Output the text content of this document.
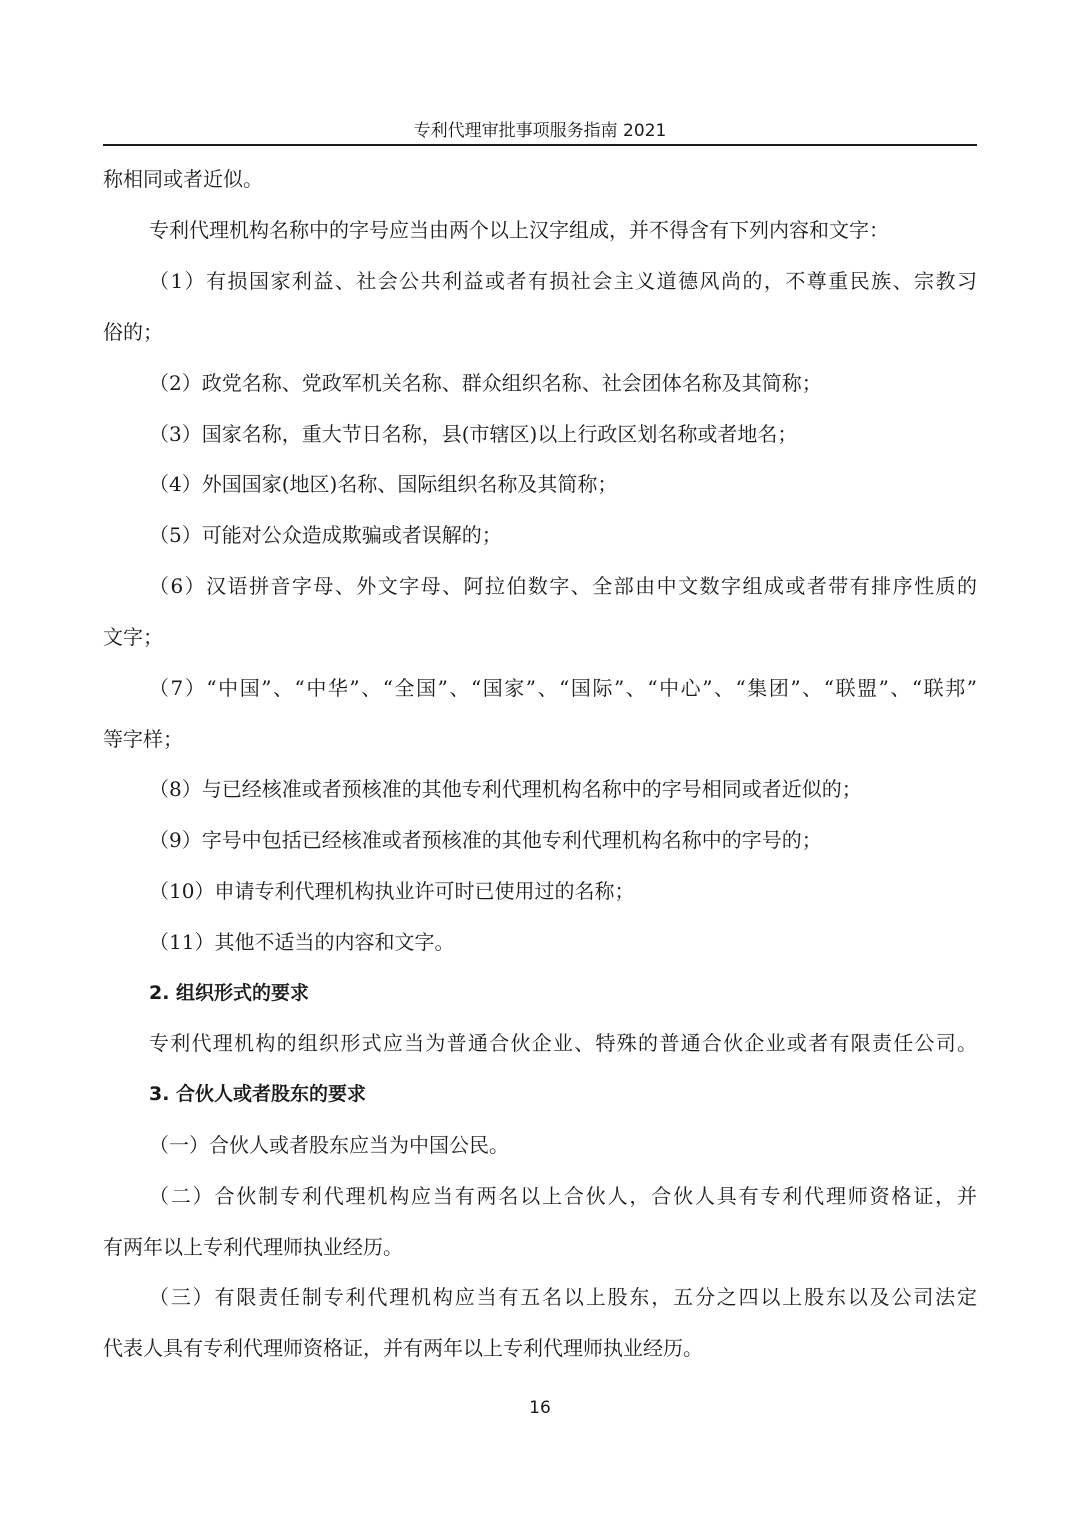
专利代理审批事项服务指南 2021
称相同或者近似。
专利代理机构名称中的字号应当由两个以上汉字组成，并不得含有下列内容和文字：
（1）有损国家利益、社会公共利益或者有损社会主义道德风尚的，不尊重民族、宗教习
俗的；
（2）政党名称、党政军机关名称、群众组织名称、社会团体名称及其简称；
（3）国家名称，重大节日名称，县(市辖区)以上行政区划名称或者地名；
（4）外国国家(地区)名称、国际组织名称及其简称；
（5）可能对公众造成欺骗或者误解的；
（6）汉语拼音字母、外文字母、阿拉伯数字、全部由中文数字组成或者带有排序性质的
文字；
（7）“中国”、“中华”、“全国”、“国家”、“国际”、“中心”、“集团”、“联盟”、“联邦”
等字样；
（8）与已经核准或者预核准的其他专利代理机构名称中的字号相同或者近似的；
（9）字号中包括已经核准或者预核准的其他专利代理机构名称中的字号的；
（10）申请专利代理机构执业许可时已使用过的名称；
（11）其他不适当的内容和文字。
2. 组织形式的要求
专利代理机构的组织形式应当为普通合伙企业、特殊的普通合伙企业或者有限责任公司。
3. 合伙人或者股东的要求
（一）合伙人或者股东应当为中国公民。
（二）合伙制专利代理机构应当有两名以上合伙人，合伙人具有专利代理师资格证，并
有两年以上专利代理师执业经历。
（三）有限责任制专利代理机构应当有五名以上股东，五分之四以上股东以及公司法定
代表人具有专利代理师资格证，并有两年以上专利代理师执业经历。
16
